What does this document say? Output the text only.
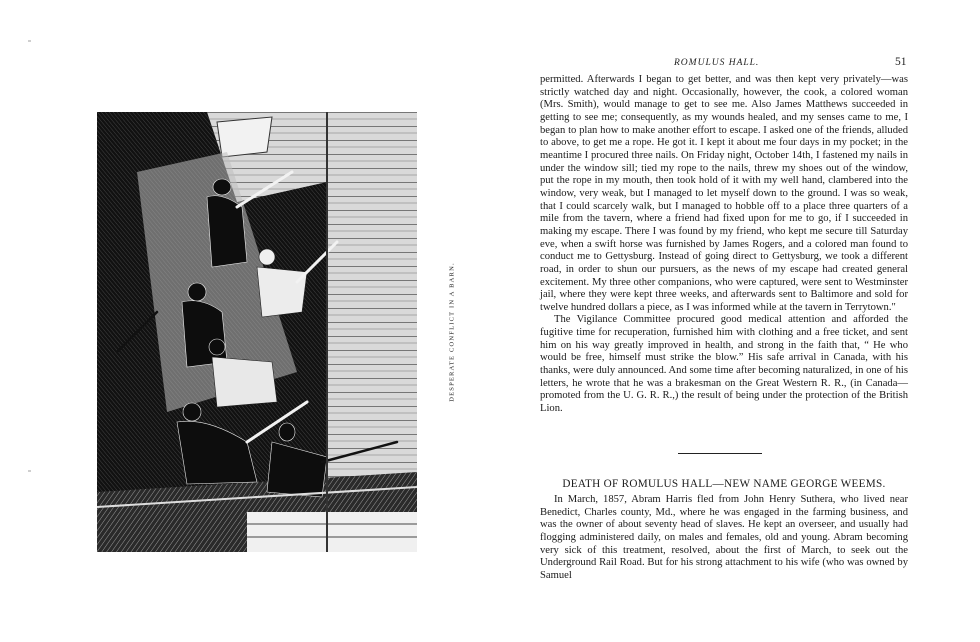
DESPERATE CONFLICT IN A BARN.
ROMULUS HALL.	51

permitted. Afterwards I began to get better, and was then kept very privately—was strictly watched day and night. Occasionally, however, the cook, a colored woman (Mrs. Smith), would manage to get to see me. Also James Matthews succeeded in getting to see me; consequently, as my wounds healed, and my senses came to me, I began to plan how to make another effort to escape. I asked one of the friends, alluded to above, to get me a rope. He got it. I kept it about me four days in my pocket; in the meantime I procured three nails. On Friday night, October 14th, I fastened my nails in under the window sill; tied my rope to the nails, threw my shoes out of the window, put the rope in my mouth, then took hold of it with my well hand, clambered into the window, very weak, but I managed to let myself down to the ground. I was so weak, that I could scarcely walk, but I managed to hobble off to a place three quarters of a mile from the tavern, where a friend had fixed upon for me to go, if I succeeded in making my escape. There I was found by my friend, who kept me secure till Saturday eve, when a swift horse was furnished by James Rogers, and a colored man found to conduct me to Gettysburg. Instead of going direct to Gettysburg, we took a different road, in order to shun our pursuers, as the news of my escape had created general excitement. My three other companions, who were captured, were sent to Westminster jail, where they were kept three weeks, and afterwards sent to Baltimore and sold for twelve hundred dollars a piece, as I was informed while at the tavern in Terrytown."

The Vigilance Committee procured good medical attention and afforded the fugitive time for recuperation, furnished him with clothing and a free ticket, and sent him on his way greatly improved in health, and strong in the faith that, “ He who would be free, himself must strike the blow.” His safe arrival in Canada, with his thanks, were duly announced. And some time after becoming naturalized, in one of his letters, he wrote that he was a brakesman on the Great Western R. R., (in Canada—promoted from the U. G. R. R.,) the result of being under the protection of the British Lion.

DEATH OF ROMULUS HALL—NEW NAME GEORGE WEEMS.

In March, 1857, Abram Harris fled from John Henry Suthera, who lived near Benedict, Charles county, Md., where he was engaged in the farming business, and was the owner of about seventy head of slaves. He kept an overseer, and usually had flogging administered daily, on males and females, old and young. Abram becoming very sick of this treatment, resolved, about the first of March, to seek out the Underground Rail Road. But for his strong attachment to his wife (who was owned by Samuel
